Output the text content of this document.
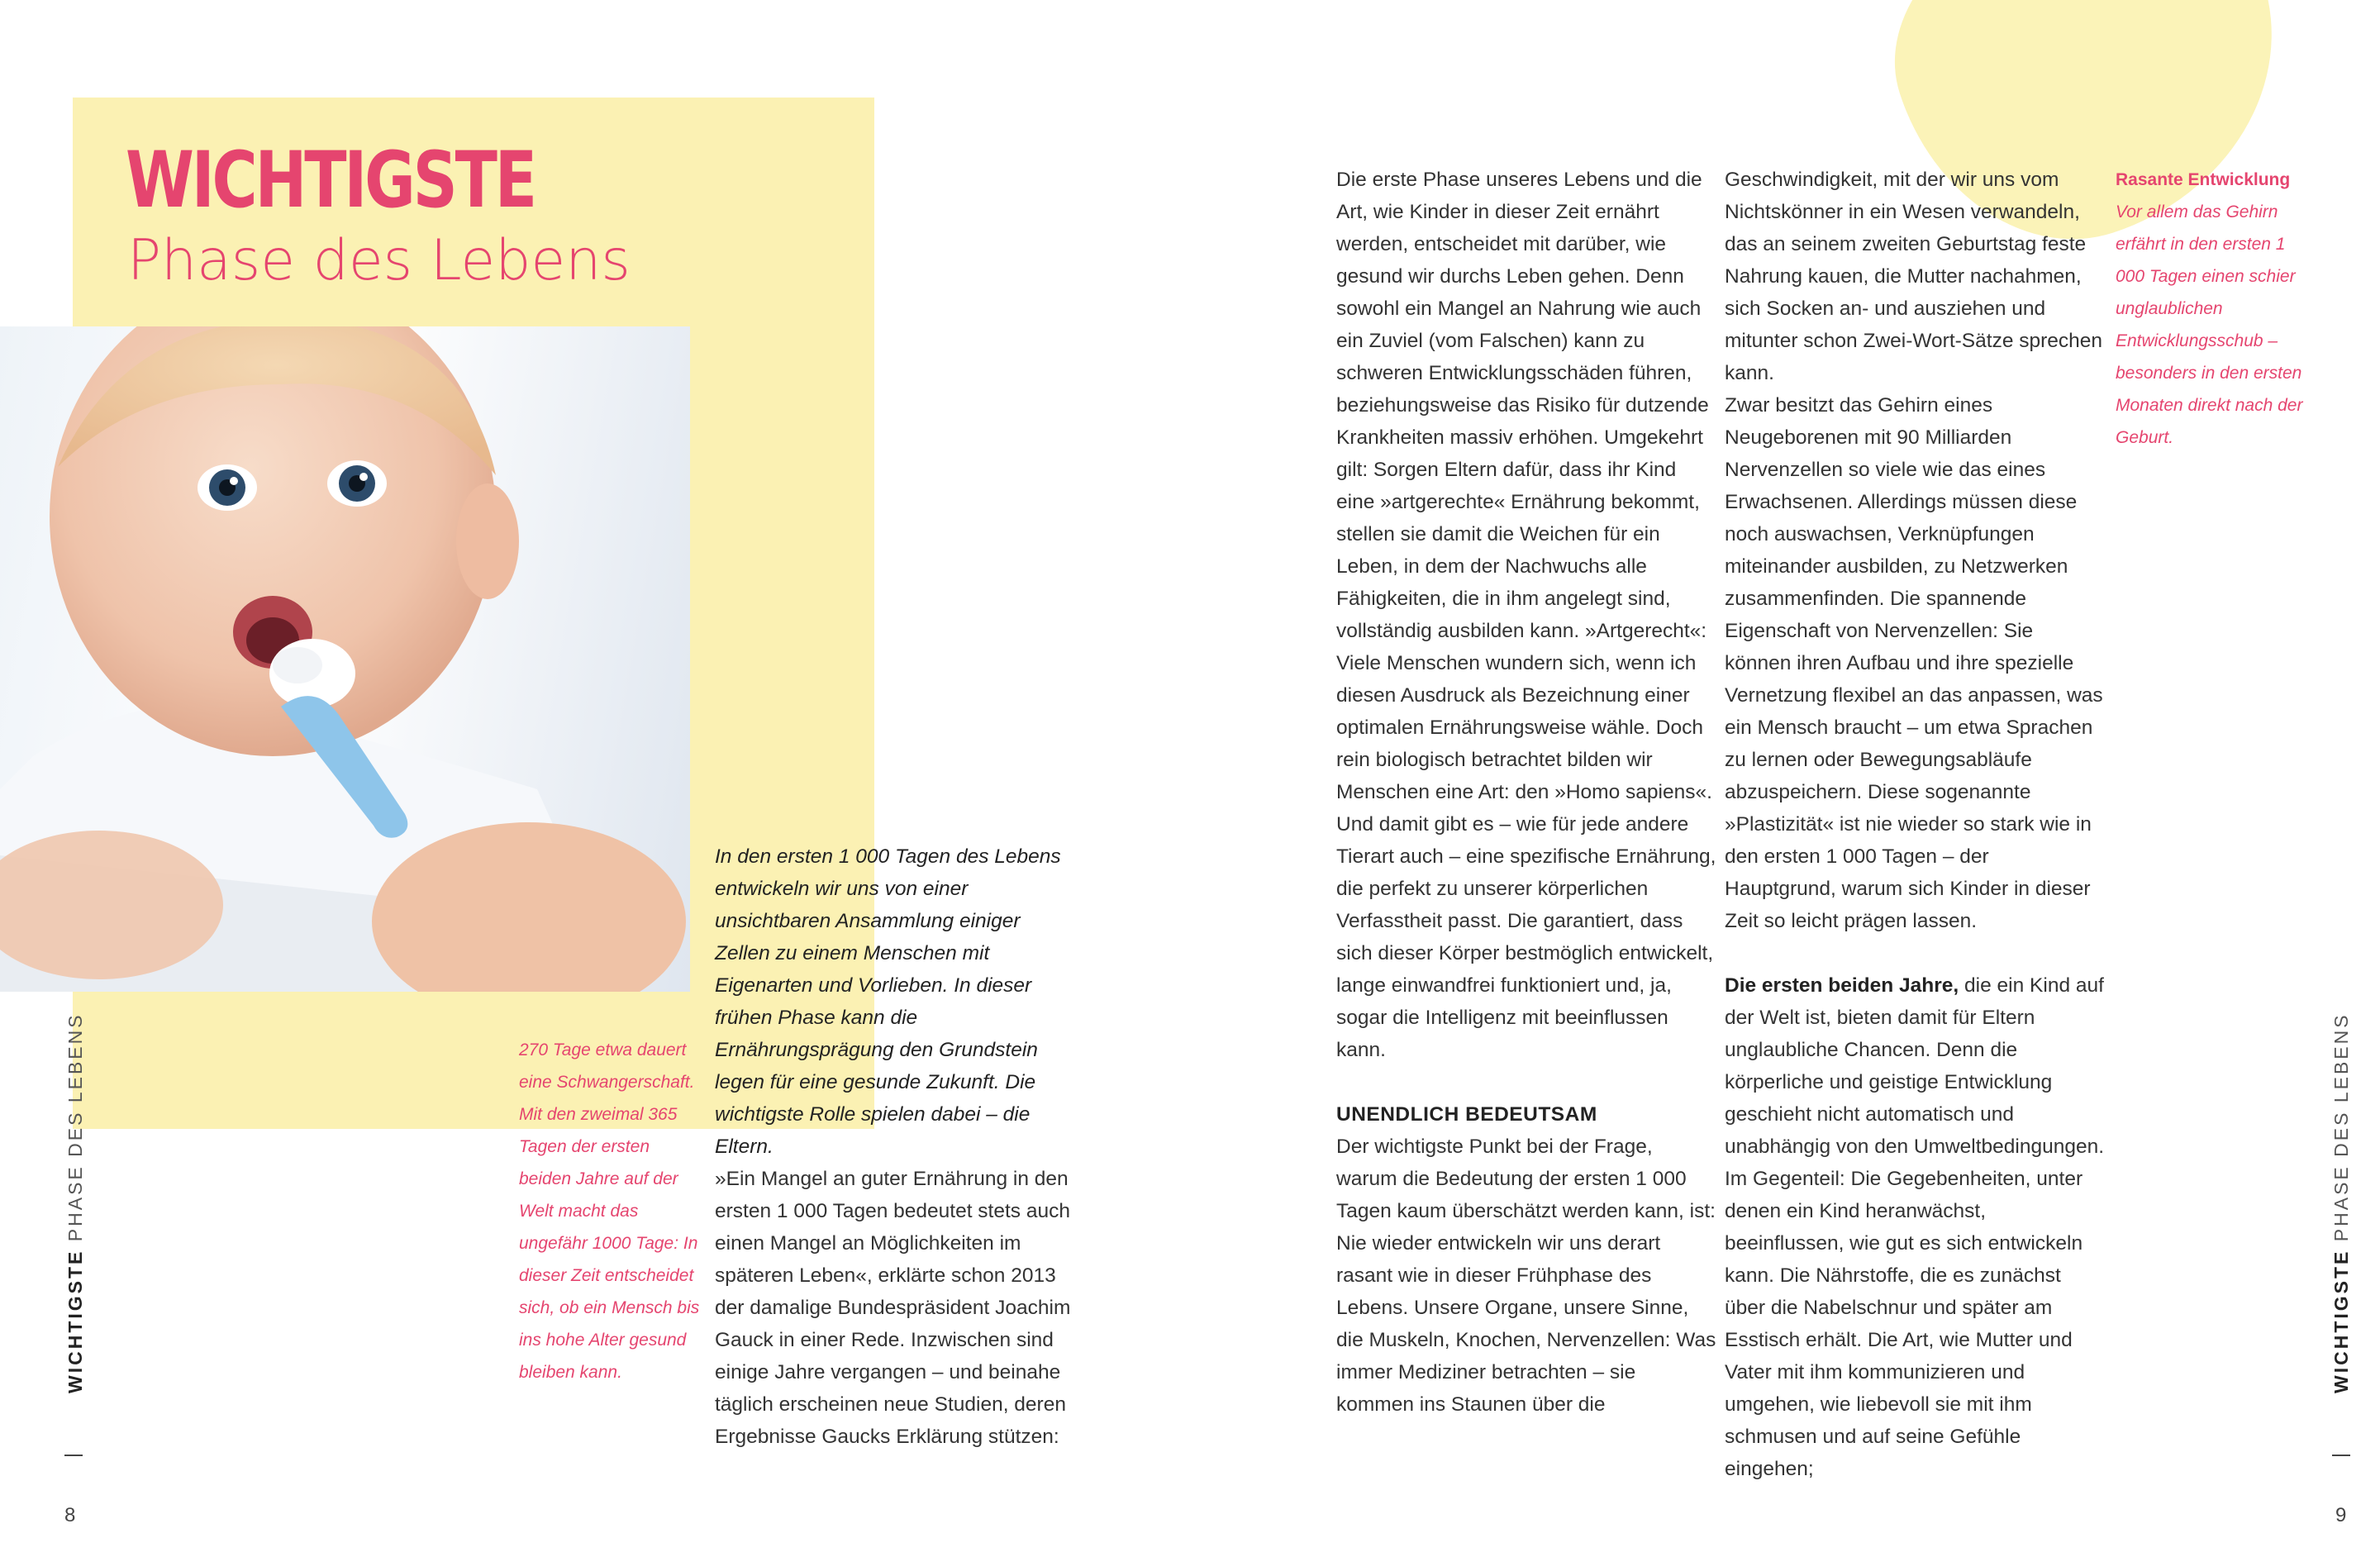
WICHTIGSTE
Phase des Lebens
270 Tage etwa dauert eine Schwangerschaft. Mit den zweimal 365 Tagen der ersten beiden Jahre auf der Welt macht das ungefähr 1000 Tage: In dieser Zeit entscheidet sich, ob ein Mensch bis ins hohe Alter gesund bleiben kann.
In den ersten 1 000 Tagen des Lebens entwickeln wir uns von einer unsichtbaren Ansammlung einiger Zellen zu einem Menschen mit Eigenarten und Vorlieben. In dieser frühen Phase kann die Ernährungsprägung den Grundstein legen für eine gesunde Zukunft. Die wichtigste Rolle spielen dabei – die Eltern.
»Ein Mangel an guter Ernährung in den ersten 1 000 Tagen bedeutet stets auch einen Mangel an Möglichkeiten im späteren Leben«, erklärte schon 2013 der damalige Bundespräsident Joachim Gauck in einer Rede. Inzwischen sind einige Jahre vergangen – und beinahe täglich erscheinen neue Studien, deren Ergebnisse Gaucks Erklärung stützen:

Die erste Phase unseres Lebens und die Art, wie Kinder in dieser Zeit ernährt werden, entscheidet mit darüber, wie gesund wir durchs Leben gehen. Denn sowohl ein Mangel an Nahrung wie auch ein Zuviel (vom Falschen) kann zu schweren Entwicklungsschäden führen, beziehungsweise das Risiko für dutzende Krankheiten massiv erhöhen. Umgekehrt gilt: Sorgen Eltern dafür, dass ihr Kind eine »artgerechte« Ernährung bekommt, stellen sie damit die Weichen für ein Leben, in dem der Nachwuchs alle Fähigkeiten, die in ihm angelegt sind, vollständig ausbilden kann. »Artgerecht«: Viele Menschen wundern sich, wenn ich diesen Ausdruck als Bezeichnung einer optimalen Ernährungsweise wähle. Doch rein biologisch betrachtet bilden wir Menschen eine Art: den »Homo sapiens«. Und damit gibt es – wie für jede andere Tierart auch – eine spezifische Ernährung, die perfekt zu unserer körperlichen Verfasstheit passt. Die garantiert, dass sich dieser Körper bestmöglich entwickelt, lange einwandfrei funktioniert und, ja, sogar die Intelligenz mit beeinflussen kann.

UNENDLICH BEDEUTSAM

Der wichtigste Punkt bei der Frage, warum die Bedeutung der ersten 1 000 Tagen kaum überschätzt werden kann, ist: Nie wieder entwickeln wir uns derart rasant wie in dieser Frühphase des Lebens. Unsere Organe, unsere Sinne, die Muskeln, Knochen, Nervenzellen: Was immer Mediziner betrachten – sie kommen ins Staunen über die

Geschwindigkeit, mit der wir uns vom Nichtskönner in ein Wesen verwandeln, das an seinem zweiten Geburtstag feste Nahrung kauen, die Mutter nachahmen, sich Socken an- und ausziehen und mitunter schon Zwei-Wort-Sätze sprechen kann.

Zwar besitzt das Gehirn eines Neugeborenen mit 90 Milliarden Nervenzellen so viele wie das eines Erwachsenen. Allerdings müssen diese noch auswachsen, Verknüpfungen miteinander ausbilden, zu Netzwerken zusammenfinden. Die spannende Eigenschaft von Nervenzellen: Sie können ihren Aufbau und ihre spezielle Vernetzung flexibel an das anpassen, was ein Mensch braucht – um etwa Sprachen zu lernen oder Bewegungsabläufe abzuspeichern. Diese sogenannte »Plastizität« ist nie wieder so stark wie in den ersten 1 000 Tagen – der Hauptgrund, warum sich Kinder in dieser Zeit so leicht prägen lassen.

Die ersten beiden Jahre, die ein Kind auf der Welt ist, bieten damit für Eltern unglaubliche Chancen. Denn die körperliche und geistige Entwicklung geschieht nicht automatisch und unabhängig von den Umweltbedingungen. Im Gegenteil: Die Gegebenheiten, unter denen ein Kind heranwächst, beeinflussen, wie gut es sich entwickeln kann. Die Nährstoffe, die es zunächst über die Nabelschnur und später am Esstisch erhält. Die Art, wie Mutter und Vater mit ihm kommunizieren und umgehen, wie liebevoll sie mit ihm schmusen und auf seine Gefühle eingehen;

Rasante Entwicklung
Vor allem das Gehirn erfährt in den ersten 1 000 Tagen einen schier unglaublichen Entwicklungsschub – besonders in den ersten Monaten direkt nach der Geburt.
WICHTIGSTE PHASE DES LEBENS
WICHTIGSTE PHASE DES LEBENS
8	9
